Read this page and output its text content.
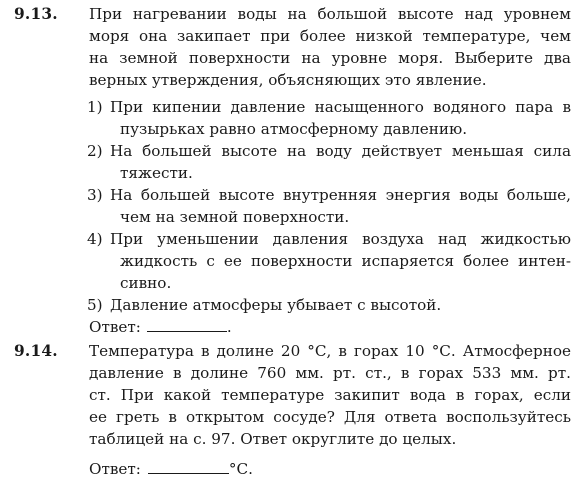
9.13. При нагревании воды на большой высоте над уровнем
моря она закипает при более низкой температуре, чем
на земной поверхности на уровне моря. Выберите два
верных утверждения, объясняющих это явление.
1) При кипении давление насыщенного водяного пара в
пузырьках равно атмосферному давлению.
2) На большей высоте на воду действует меньшая сила
тяжести.
3) На большей высоте внутренняя энергия воды больше,
чем на земной поверхности.
4) При уменьшении давления воздуха над жидкостью
жидкость с ее поверхности испаряется более интен-
сивно.
5) Давление атмосферы убывает с высотой.
Ответ:	.
9.14. Температура в долине 20 °С, в горах 10 °С. Атмосферное
давление в долине 760 мм. рт. ст., в горах 533 мм. рт.
ст. При какой температуре закипит вода в горах, если
ее греть в открытом сосуде? Для ответа воспользуйтесь
таблицей на с. 97. Ответ округлите до целых.
Ответ:	°С.
